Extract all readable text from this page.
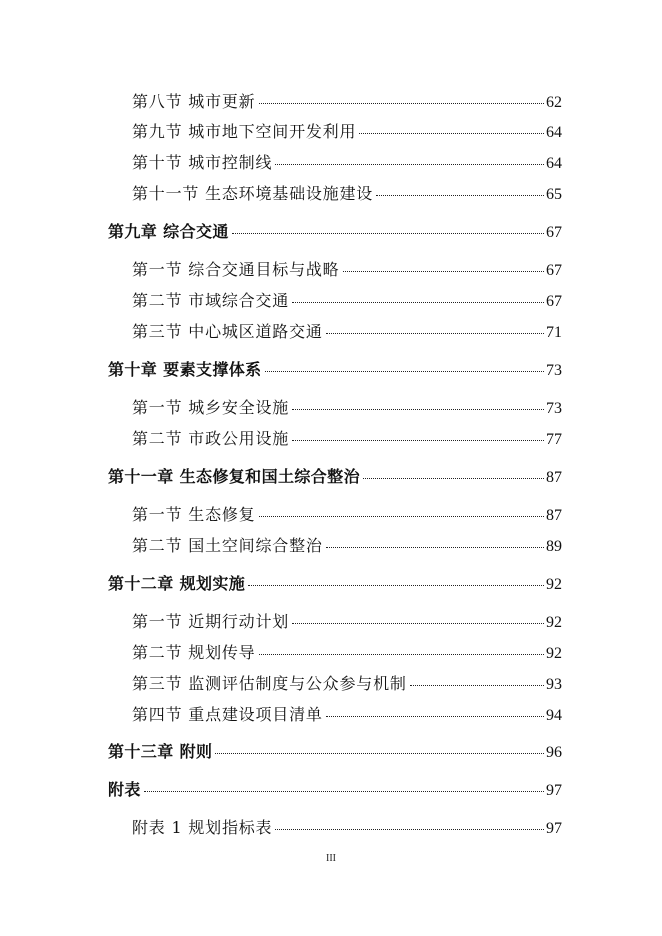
第八节 城市更新	62
第九节 城市地下空间开发利用	64
第十节 城市控制线	64
第十一节 生态环境基础设施建设	65
第九章 综合交通	67
第一节 综合交通目标与战略	67
第二节 市域综合交通	67
第三节 中心城区道路交通	71
第十章 要素支撑体系	73
第一节 城乡安全设施	73
第二节 市政公用设施	77
第十一章 生态修复和国土综合整治	87
第一节 生态修复	87
第二节 国土空间综合整治	89
第十二章 规划实施	92
第一节 近期行动计划	92
第二节 规划传导	92
第三节 监测评估制度与公众参与机制	93
第四节 重点建设项目清单	94
第十三章 附则	96
附表	97
附表 1 规划指标表	97
III
